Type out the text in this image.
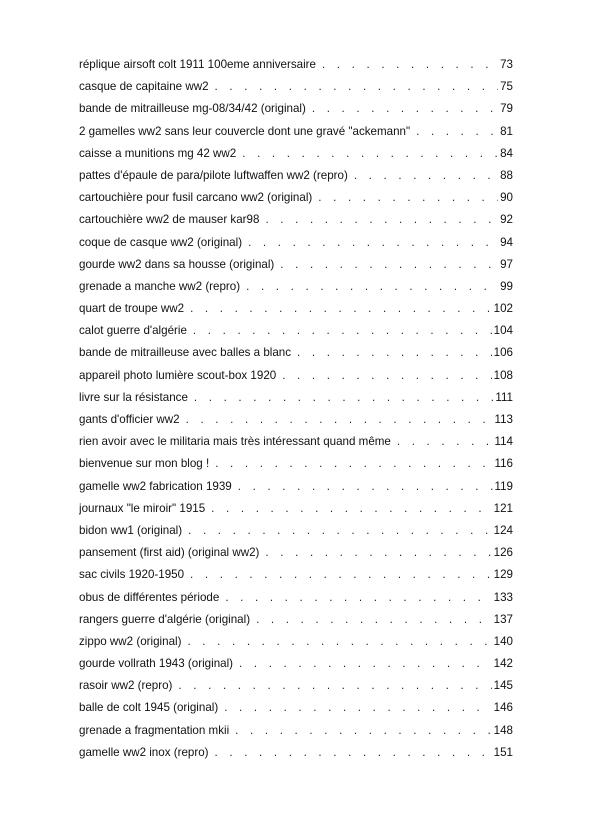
réplique airsoft colt 1911 100eme anniversaire . . .	73
casque de capitaine ww2 . . .	75
bande de mitrailleuse mg-08/34/42 (original) . . .	79
2 gamelles ww2 sans leur couvercle dont une gravé "ackemann" . . .	81
caisse a munitions mg 42 ww2 . . .	84
pattes d'épaule de para/pilote luftwaffen ww2 (repro) . . .	88
cartouchière pour fusil carcano ww2 (original) . . .	90
cartouchière ww2 de mauser kar98 . . .	92
coque de casque ww2 (original) . . .	94
gourde ww2 dans sa housse (original) . . .	97
grenade a manche ww2 (repro) . . .	99
quart de troupe ww2 . . .	102
calot guerre d'algérie . . .	104
bande de mitrailleuse avec balles a blanc . . .	106
appareil photo lumière scout-box 1920 . . .	108
livre sur la résistance . . .	111
gants d'officier ww2 . . .	113
rien avoir avec le militaria mais très intéressant quand même . . .	114
bienvenue sur mon blog ! . . .	116
gamelle ww2 fabrication 1939 . . .	119
journaux "le miroir" 1915 . . .	121
bidon ww1 (original) . . .	124
pansement (first aid) (original ww2) . . .	126
sac civils 1920-1950 . . .	129
obus de différentes période . . .	133
rangers guerre d'algérie (original) . . .	137
zippo ww2 (original) . . .	140
gourde vollrath 1943 (original) . . .	142
rasoir ww2 (repro) . . .	145
balle de colt 1945 (original) . . .	146
grenade a fragmentation mkii . . .	148
gamelle ww2 inox (repro) . . .	151
